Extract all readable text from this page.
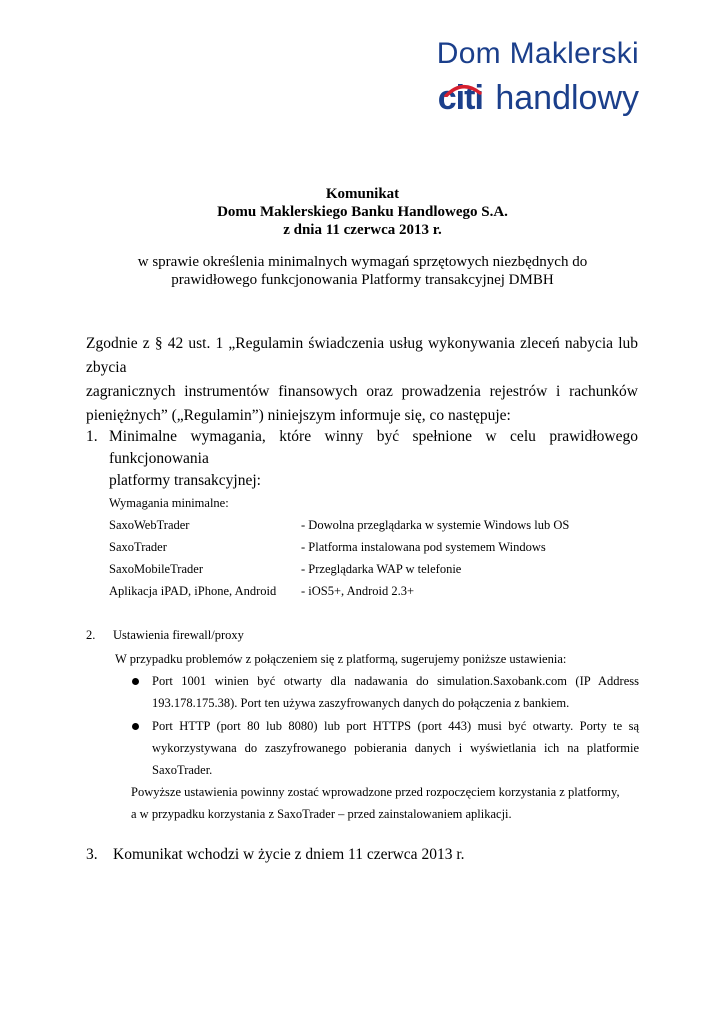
Dom Maklerski
citi handlowy
Komunikat
Domu Maklerskiego Banku Handlowego S.A.
z dnia 11 czerwca 2013 r.
w sprawie określenia minimalnych wymagań sprzętowych niezbędnych do
prawidłowego funkcjonowania Platformy transakcyjnej DMBH
Zgodnie z § 42 ust. 1 „Regulamin świadczenia usług wykonywania zleceń nabycia lub zbycia
zagranicznych instrumentów finansowych oraz prowadzenia rejestrów i rachunków
pieniężnych” („Regulamin”) niniejszym informuje się, co następuje:
1. Minimalne wymagania, które winny być spełnione w celu prawidłowego funkcjonowania
platformy transakcyjnej:
Wymagania minimalne:
SaxoWebTrader	- Dowolna przeglądarka w systemie Windows lub OS
SaxoTrader	- Platforma instalowana pod systemem Windows
SaxoMobileTrader	- Przeglądarka WAP w telefonie
Aplikacja iPAD, iPhone, Android - iOS5+, Android 2.3+
2. Ustawienia firewall/proxy
W przypadku problemów z połączeniem się z platformą, sugerujemy poniższe ustawienia:
Port 1001 winien być otwarty dla nadawania do simulation.Saxobank.com (IP Address
193.178.175.38). Port ten używa zaszyfrowanych danych do połączenia z bankiem.
Port HTTP (port 80 lub 8080) lub port HTTPS (port 443) musi być otwarty. Porty te są
wykorzystywana do zaszyfrowanego pobierania danych i wyświetlania ich na platformie
SaxoTrader.
Powyższe ustawienia powinny zostać wprowadzone przed rozpoczęciem korzystania z platformy,
a w przypadku korzystania z SaxoTrader – przed zainstalowaniem aplikacji.
3. Komunikat wchodzi w życie z dniem 11 czerwca 2013 r.
